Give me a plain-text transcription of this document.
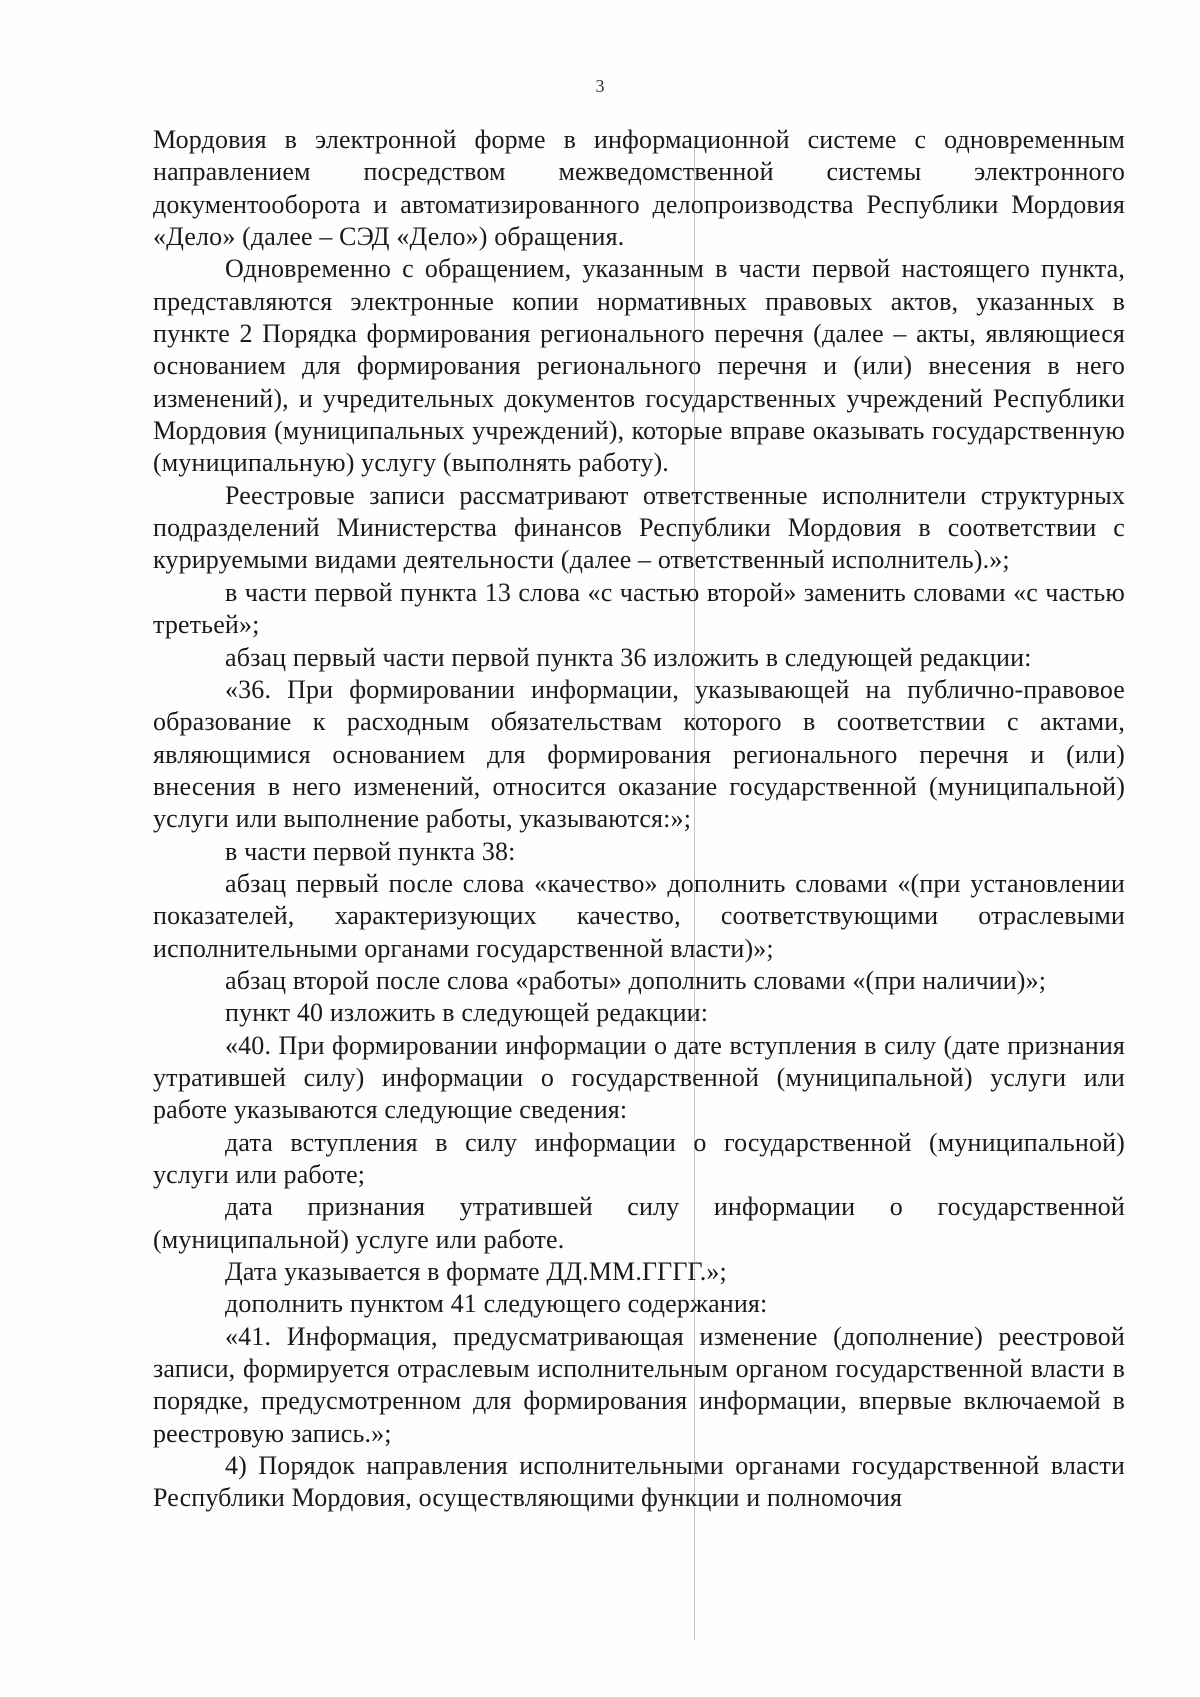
3

Мордовия в электронной форме в информационной системе с одновременным направлением посредством межведомственной системы электронного документооборота и автоматизированного делопроизводства Республики Мордовия «Дело» (далее – СЭД «Дело») обращения.

Одновременно с обращением, указанным в части первой настоящего пункта, представляются электронные копии нормативных правовых актов, указанных в пункте 2 Порядка формирования регионального перечня (далее – акты, являющиеся основанием для формирования регионального перечня и (или) внесения в него изменений), и учредительных документов государственных учреждений Республики Мордовия (муниципальных учреждений), которые вправе оказывать государственную (муниципальную) услугу (выполнять работу).

Реестровые записи рассматривают ответственные исполнители структурных подразделений Министерства финансов Республики Мордовия в соответствии с курируемыми видами деятельности (далее – ответственный исполнитель).»;

в части первой пункта 13 слова «с частью второй» заменить словами «с частью третьей»;

абзац первый части первой пункта 36 изложить в следующей редакции:

«36. При формировании информации, указывающей на публично-правовое образование к расходным обязательствам которого в соответствии с актами, являющимися основанием для формирования регионального перечня и (или) внесения в него изменений, относится оказание государственной (муниципальной) услуги или выполнение работы, указываются:»;

в части первой пункта 38:

абзац первый после слова «качество» дополнить словами «(при установлении показателей, характеризующих качество, соответствующими отраслевыми исполнительными органами государственной власти)»;

абзац второй после слова «работы» дополнить словами «(при наличии)»;

пункт 40 изложить в следующей редакции:

«40. При формировании информации о дате вступления в силу (дате признания утратившей силу) информации о государственной (муниципальной) услуги или работе указываются следующие сведения:

дата вступления в силу информации о государственной (муниципальной) услуги или работе;

дата признания утратившей силу информации о государственной (муниципальной) услуге или работе.

Дата указывается в формате ДД.ММ.ГГГГ.»;

дополнить пунктом 41 следующего содержания:

«41. Информация, предусматривающая изменение (дополнение) реестровой записи, формируется отраслевым исполнительным органом государственной власти в порядке, предусмотренном для формирования информации, впервые включаемой в реестровую запись.»;

4) Порядок направления исполнительными органами государственной власти Республики Мордовия, осуществляющими функции и полномочия
